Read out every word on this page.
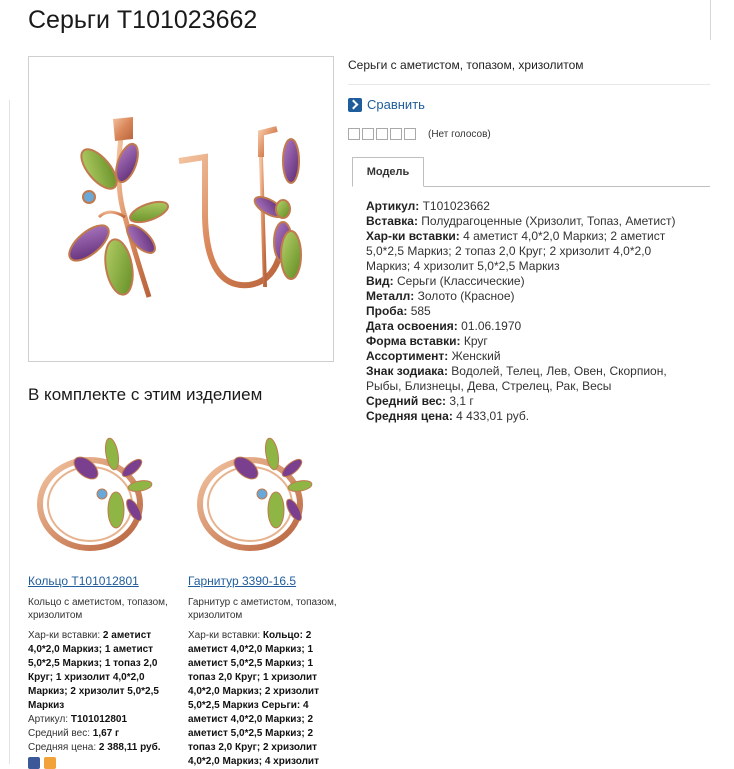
Серьги Т101023662
Серьги с аметистом, топазом, хризолитом
Сравнить
(Нет голосов)
Модель

Артикул: Т101023662

Вставка: Полудрагоценные (Хризолит, Топаз, Аметист)

Хар-ки вставки: 4 аметист 4,0*2,0 Маркиз; 2 аметист 5,0*2,5 Маркиз; 2 топаз 2,0 Круг; 2 хризолит 4,0*2,0 Маркиз; 4 хризолит 5,0*2,5 Маркиз

Вид: Серьги (Классические)

Металл: Золото (Красное)

Проба: 585

Дата освоения: 01.06.1970

Форма вставки: Круг

Ассортимент: Женский

Знак зодиака: Водолей, Телец, Лев, Овен, Скорпион, Рыбы, Близнецы, Дева, Стрелец, Рак, Весы

Средний вес: 3,1 г

Средняя цена: 4 433,01 руб.

В комплекте с этим изделием
Кольцо Т101012801
Кольцо с аметистом, топазом, хризолитом
Хар-ки вставки: 2 аметист 4,0*2,0 Маркиз; 1 аметист 5,0*2,5 Маркиз; 1 топаз 2,0 Круг; 1 хризолит 4,0*2,0 Маркиз; 2 хризолит 5,0*2,5 Маркиз
Артикул: Т101012801
Средний вес: 1,67 г
Средняя цена: 2 388,11 руб.
Гарнитур 3390-16.5
Гарнитур с аметистом, топазом, хризолитом
Хар-ки вставки: Кольцо: 2 аметист 4,0*2,0 Маркиз; 1 аметист 5,0*2,5 Маркиз; 1 топаз 2,0 Круг; 1 хризолит 4,0*2,0 Маркиз; 2 хризолит 5,0*2,5 Маркиз Серьги: 4 аметист 4,0*2,0 Маркиз; 2 аметист 5,0*2,5 Маркиз; 2 топаз 2,0 Круг; 2 хризолит 4,0*2,0 Маркиз; 4 хризолит
